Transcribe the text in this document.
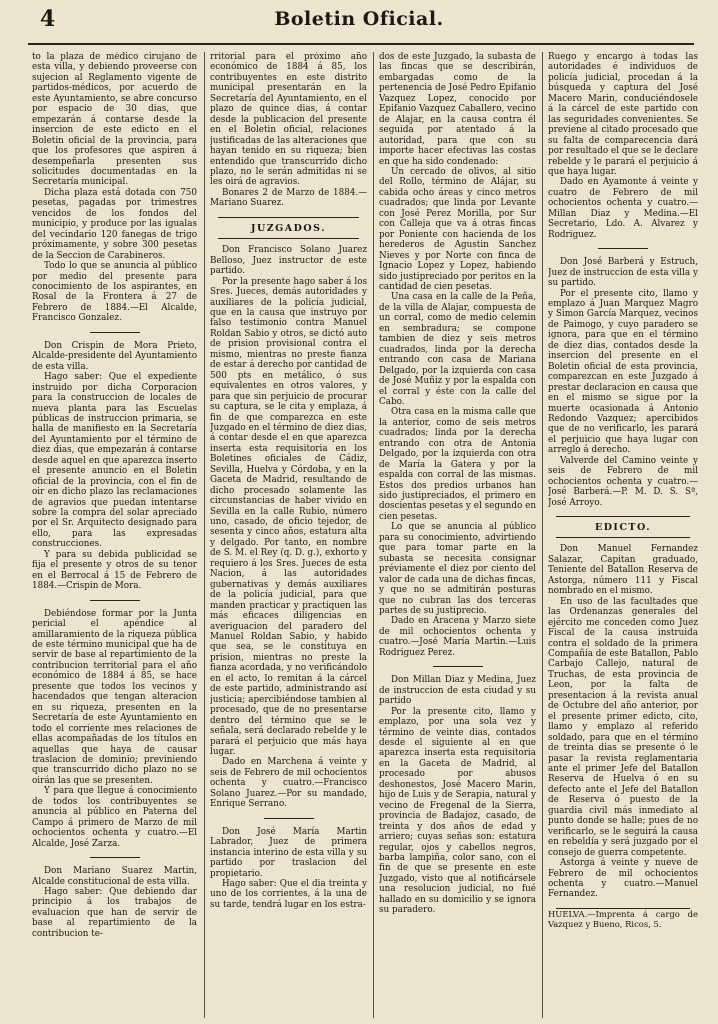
4	Boletin Oficial.

to la plaza de médico cirujano de esta villa, y debiendo proveerse con sujecion al Reglamento vigente de partidos-médicos, por acuerdo de este Ayuntamiento, se abre concurso por espacio de 30 dias, que empezarán á contarse desde la insercion de este edicto en el Boletin oficial de la provincia, para que los profesores que aspiren á desempeñarla presenten sus solicitudes documentadas en la Secretaría municipal.

Dicha plaza está dotada con 750 pesetas, pagadas por trimestres vencidos de los fondos del municipio, y produce por las igualas del vecindario 120 fanegas de trigo próximamente, y sobre 300 pesetas de la Seccion de Carabineros.

Todo lo que se anuncia al público por medio del presente para conocimiento de los aspirantes, en Rosal de la Frontera á 27 de Febrero de 1884.—El Alcalde, Francisco Gonzalez.

Don Crispin de Mora Prieto, Alcalde-presidente del Ayuntamiento de esta villa.

Hago saber: Que el expediente instruido por dicha Corporacion para la construccion de locales de nueva planta para las Escuelas públicas de instruccion primaria, se halla de manifiesto en la Secretaría del Ayuntamiento por el término de diez dias, que empezarán á contarse desde aquel en que aparezca inserto el presente anuncio en el Boletin oficial de la provincia, con el fin de oir en dicho plazo las reclamaciones de agravios que puedan intentarse sobre la compra del solar apreciado por el Sr. Arquitecto designado para ello, para las expresadas construcciones.

Y para su debida publicidad se fija el presente y otros de su tenor en el Berrocal á 15 de Febrero de 1884.—Crispin de Mora.

Debiéndose formar por la Junta pericial el apéndice al amillaramiento de la riqueza pública de este término municipal que ha de servir de base al repartimiento de la contribucion territorial para el año económico de 1884 á 85, se hace presente que todos los vecinos y hacendados que tengan alteracion en su riqueza, presenten en la Secretaría de este Ayuntamiento en todo el corriente mes relaciones de ellas acompañadas de los títulos en aquellas que haya de causar traslacion de dominio; previniendo que transcurrido dicho plazo no se oirán las que se presenten.

Y para que llegue á conocimiento de todos los contribuyentes se anuncia al público en Paterna del Campo á primero de Marzo de mil ochocientos ochenta y cuatro.—El Alcalde, José Zarza.

Don Mariano Suarez Martin, Alcalde constitucional de esta villa.

Hago saber: Que debiendo dar principio á los trabajos de evaluacion que han de servir de base al repartimiento de la contribucion te-

rritorial para el próximo año económico de 1884 á 85, los contribuyentes en este distrito municipal presentarán en la Secretaría del Ayuntamiento, en el plazo de quince dias, á contar desde la publicacion del presente en el Boletin oficial, relaciones justificadas de las alteraciones que hayan tenido en su riqueza; bien entendido que transcurrido dicho plazo, no le serán admitidas ni se les oirá de agravios.

Bonares 2 de Marzo de 1884.—Mariano Suarez.

JUZGADOS.

Don Francisco Solano Juarez Belloso, Juez instructor de este partido.

Por la presente hago saber á los Sres. Jueces, demás autoridades y auxiliares de la policía judicial, que en la causa que instruyo por falso testimonio contra Manuel Roldan Sabio y otros, se dictó auto de prision provisional contra el mismo, mientras no preste fianza de estar á derecho por cantidad de 500 pts en metálico, ó sus equivalentes en otros valores, y para que sin perjuicio de procurar su captura, se le cita y emplaza, á fin de que comparezca en este Juzgado en el término de diez dias, á contar desde el en que aparezca inserta esta requisitoria en los Boletines oficiales de Cádiz, Sevilla, Huelva y Córdoba, y en la Gaceta de Madrid, resultando de dicho procesado solamente las circunstancias de haber vivido en Sevilla en la calle Rubio, número uno, casado, de oficio tejedor, de sesenta y cinco años, estatura alta y delgado. Por tanto, en nombre de S. M. el Rey (q. D. g.), exhorto y requiero á los Sres. Jueces de esta Nacion, á las autoridades gubernativas y demás auxiliares de la policía judicial, para que manden practicar y practiquen las más eficaces diligencias en averiguacion del paradero del Manuel Roldan Sabio, y habido que sea, se le constituya en prision, mientras no preste la fianza acordada, y no verificándolo en el acto, lo remitan á la cárcel de este partido, administrando así justicia; apercibiéndose tambien al procesado, que de no presentarse dentro del término que se le señala, será declarado rebelde y le parará el perjuicio que más haya lugar.

Dado en Marchena á veinte y seis de Febrero de mil ochocientos ochenta y cuatro.—Francisco Solano Juarez.—Por su mandado, Enrique Serrano.

Don José María Martin Labrador, Juez de primera instancia interino de esta villa y su partido por traslacion del propietario.

Hago saber: Que el dia treinta y uno de los corrientes, á la una de su tarde, tendrá lugar en los estra-

dos de este Juzgado, la subasta de las fincas que se describirán, embargadas como de la pertenencia de José Pedro Epifanio Vazquez Lopez, conocido por Epifanio Vazquez Caballero, vecino de Alajar, en la causa contra él seguida por atentado á la autoridad, para que con su importe hacer efectivas las costas en que ha sido condenado:

Un cercado de olivos, al sitio del Rollo, término de Alájar, su cabida ocho áreas y cinco metros cuadrados; que linda por Levante con José Perez Morilla, por Sur con Calleja que va á otras fincas por Poniente con hacienda de los herederos de Agustin Sanchez Nieves y por Norte con finca de Ignacio Lopez y Lopez, habiendo sido justipreciado por peritos en la cantidad de cien pesetas.

Una casa en la calle de la Peña, de la villa de Alajar, compuesta de un corral, como de medio celemin en sembradura; se compone tambien de diez y seis metros cuadrados, linda por la derecha entrando con casa de Mariana Delgado, por la izquierda con casa de José Muñiz y por la espalda con el corral y éste con la calle del Cabo.

Otra casa en la misma calle que la anterior, como de seis metros cuadrados; linda por la derecha entrando con otra de Antonia Delgado, por la izquierda con otra de María la Gatera y por la espalda con corral de las mismas. Estos dos predios urbanos han sido justipreciados, el primero en doscientas pesetas y el segundo en cien pesetas.

Lo que se anuncia al público para su conocimiento, advirtiendo que para tomar parte en la subasta se necesita consignar préviamente el diez por ciento del valor de cada una de dichas fincas, y que no se admitirán posturas que no cubran las dos terceras partes de su justiprecio.

Dado en Aracena y Marzo siete de mil ochocientos ochenta y cuatro.—José María Martin.—Luis Rodriguez Perez.

Don Millan Diaz y Medina, Juez de instruccion de esta ciudad y su partido

Por la presente cito, llamo y emplazo, por una sola vez y término de veinte dias, contados desde el siguiente al en que aparezca inserta esta requisitoria en la Gaceta de Madrid, al procesado por abusos deshonestos, José Macero Marin, hijo de Luis y de Serapia, natural y vecino de Fregenal de la Sierra, provincia de Badajoz, casado, de treinta y dos años de edad y arriero; cuyas señas son: estatura regular, ojos y cabellos negros, barba lampiña, color sano, con el fin de que se presente en este Juzgado, visto que al notificársele una resolucion judicial, no fué hallado en su domicilio y se ignora su paradero.

Ruego y encargo á todas las autoridades é individuos de policía judicial, procedan á la búsqueda y captura del José Macero Marin, conduciéndosele á la cárcel de este partido con las seguridades convenientes. Se previene al citado procesado que su falta de comparecencia dará por resultado el que se le declare rebelde y le parará el perjuicio á que haya lugar.

Dado en Ayamonte á veinte y cuatro de Febrero de mil ochocientos ochenta y cuatro.—Millan Diaz y Medina.—El Secretario, Ldo. A. Alvarez y Rodriguez.

Don José Barberá y Estruch, Juez de instruccion de esta villa y su partido.

Por el presente cito, llamo y emplazo á Juan Marquez Magro y Simon García Marquez, vecinos de Paimogo, y cuyo paradero se ignora, para que en el término de diez dias, contados desde la insercion del presente en el Boletin oficial de esta provincia, comparezcan en este Juzgado á prestar declaracion en causa que en el mismo se sigue por la muerte ocasionada á Antonio Redondo Vazquez; apercibidos que de no verificarlo, les parará el perjuicio que haya lugar con arreglo á derecho.

Valverde del Camino veinte y seis de Febrero de mil ochocientos ochenta y cuatro.—José Barberá.—P. M. D. S. Sª, José Arroyo.

EDICTO.

Don Manuel Fernandez Salazar, Capitan graduado, Teniente del Batallon Reserva de Astorga, número 111 y Fiscal nombrado en el mismo.

En uso de las facultades que las Ordenanzas generales del ejército me conceden como Juez Fiscal de la causa instruida contra el soldado de la primera Compañía de este Batallon, Pablo Carbajo Callejo, natural de Truchas, de esta provincia de Leon, por la falta de presentacion á la revista anual de Octubre del año anterior, por el presente primer edicto, cito, llamo y emplazo al referido soldado, para que en el término de treinta dias se presente ó le pasar la revista reglamentaria ante el primer Jefe del Batallon Reserva de Huelva ó en su defecto ante el Jefe del Batallon de Reserva ó puesto de la guardia civil más inmediato al punto donde se halle; pues de no verificarlo, se le seguirá la causa en rebeldía y será juzgado por el consejo de guerra competente.

Astorga á veinte y nueve de Febrero de mil ochocientos ochenta y cuatro.—Manuel Fernandez.

HUELVA.—Imprenta á cargo de Vazquez y Bueno, Ricos, 5.
